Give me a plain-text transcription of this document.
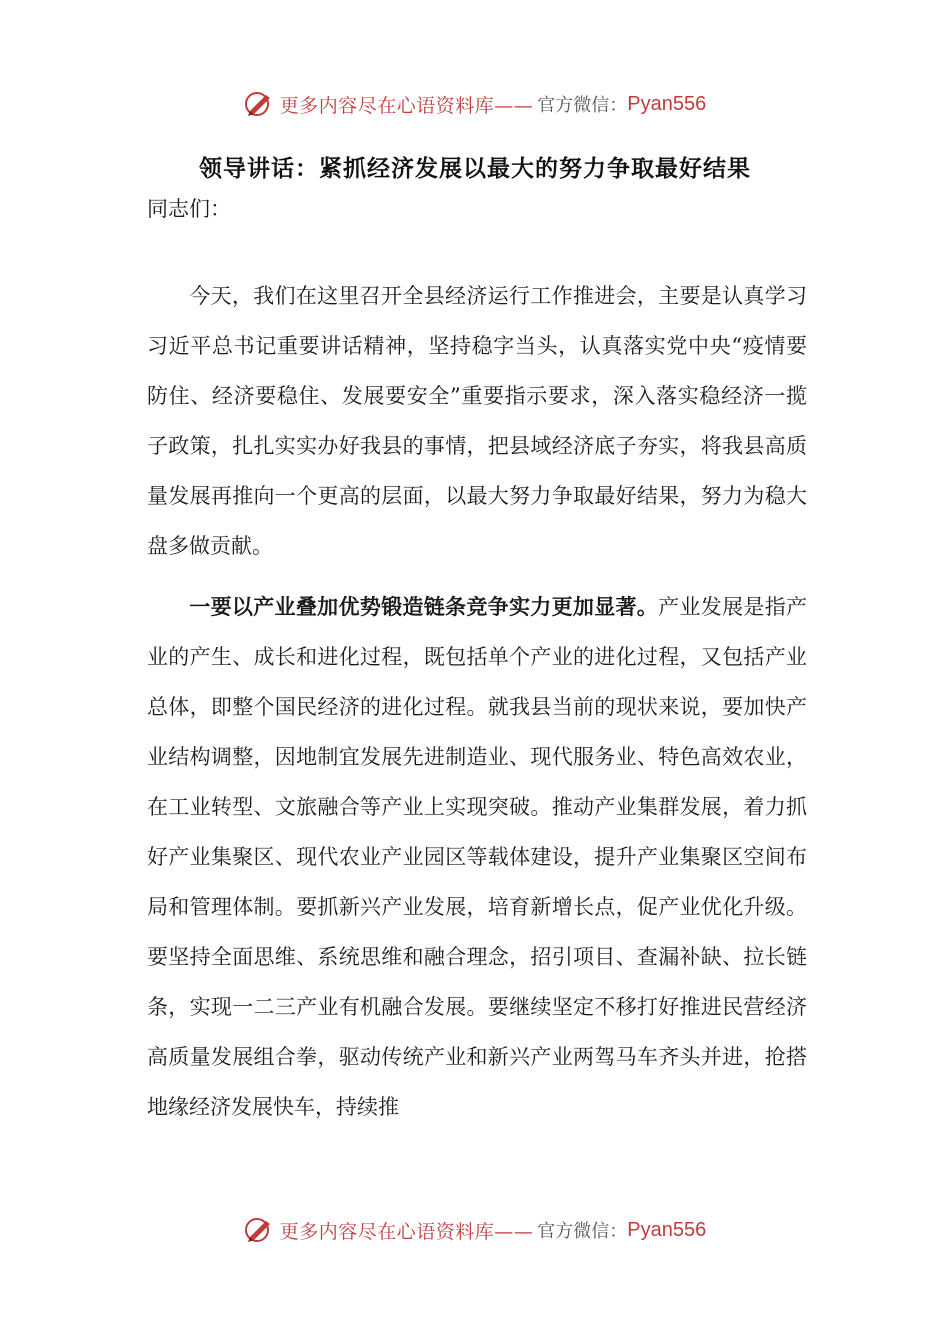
更多内容尽在心语资料库—— 官方微信： Pyan556
领导讲话：紧抓经济发展以最大的努力争取最好结果
同志们：

今天，我们在这里召开全县经济运行工作推进会，主要是认真学习习近平总书记重要讲话精神，坚持稳字当头，认真落实党中央“疫情要防住、经济要稳住、发展要安全”重要指示要求，深入落实稳经济一揽子政策，扎扎实实办好我县的事情，把县域经济底子夯实，将我县高质量发展再推向一个更高的层面，以最大努力争取最好结果，努力为稳大盘多做贡献。

一要以产业叠加优势锻造链条竞争实力更加显著。产业发展是指产业的产生、成长和进化过程，既包括单个产业的进化过程，又包括产业总体，即整个国民经济的进化过程。就我县当前的现状来说，要加快产业结构调整，因地制宜发展先进制造业、现代服务业、特色高效农业，在工业转型、文旅融合等产业上实现突破。推动产业集群发展，着力抓好产业集聚区、现代农业产业园区等载体建设，提升产业集聚区空间布局和管理体制。要抓新兴产业发展，培育新增长点，促产业优化升级。要坚持全面思维、系统思维和融合理念，招引项目、查漏补缺、拉长链条，实现一二三产业有机融合发展。要继续坚定不移打好推进民营经济高质量发展组合拳，驱动传统产业和新兴产业两驾马车齐头并进，抢搭地缘经济发展快车，持续推

更多内容尽在心语资料库—— 官方微信： Pyan556
